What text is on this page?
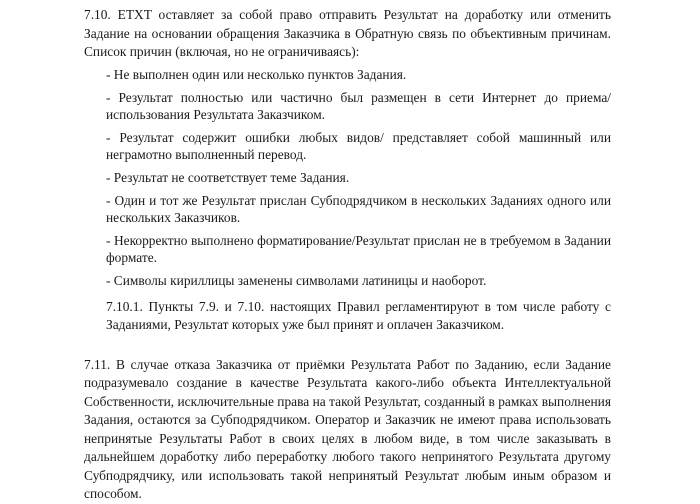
7.10. ETXT оставляет за собой право отправить Результат на доработку или отменить Задание на основании обращения Заказчика в Обратную связь по объективным причинам. Список причин (включая, но не ограничиваясь):

- Не выполнен один или несколько пунктов Задания.
- Результат полностью или частично был размещен в сети Интернет до приема/использования Результата Заказчиком.
- Результат содержит ошибки любых видов/ представляет собой машинный или неграмотно выполненный перевод.
- Результат не соответствует теме Задания.
- Один и тот же Результат прислан Субподрядчиком в нескольких Заданиях одного или нескольких Заказчиков.
- Некорректно выполнено форматирование/Результат прислан не в требуемом в Задании формате.
- Символы кириллицы заменены символами латиницы и наоборот.

7.10.1. Пункты 7.9. и 7.10. настоящих Правил регламентируют в том числе работу с Заданиями, Результат которых уже был принят и оплачен Заказчиком.

7.11. В случае отказа Заказчика от приёмки Результата Работ по Заданию, если Задание подразумевало создание в качестве Результата какого-либо объекта Интеллектуальной Собственности, исключительные права на такой Результат, созданный в рамках выполнения Задания, остаются за Субподрядчиком. Оператор и Заказчик не имеют права использовать непринятые Результаты Работ в своих целях в любом виде, в том числе заказывать в дальнейшем доработку либо переработку любого такого непринятого Результата другому Субподрядчику, или использовать такой непринятый Результат любым иным образом и способом.
